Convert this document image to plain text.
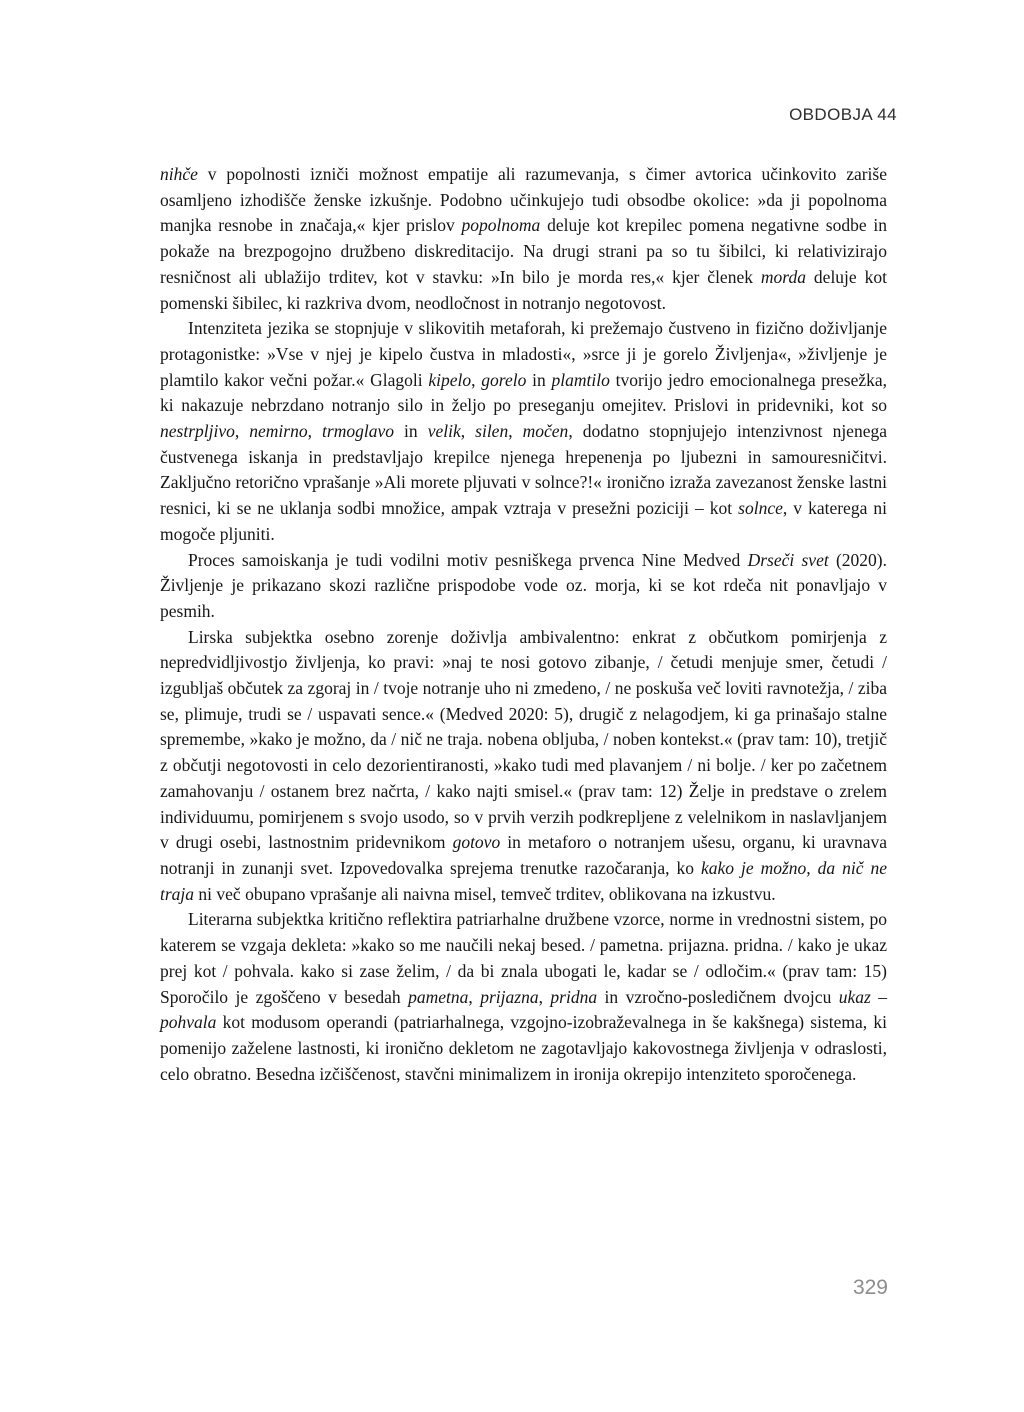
OBDOBJA 44

nihče v popolnosti izniči možnost empatije ali razumevanja, s čimer avtorica učinkovito zariše osamljeno izhodišče ženske izkušnje. Podobno učinkujejo tudi obsodbe okolice: »da ji popolnoma manjka resnobe in značaja,« kjer prislov popolnoma deluje kot krepilec pomena negativne sodbe in pokaže na brezpogojno družbeno diskreditacijo. Na drugi strani pa so tu šibilci, ki relativizirajo resničnost ali ublažijo trditev, kot v stavku: »In bilo je morda res,« kjer členek morda deluje kot pomenski šibilec, ki razkriva dvom, neodločnost in notranjo negotovost.

Intenziteta jezika se stopnjuje v slikovitih metaforah, ki prežemajo čustveno in fizično doživljanje protagonistke: »Vse v njej je kipelo čustva in mladosti«, »srce ji je gorelo Življenja«, »življenje je plamtilo kakor večni požar.« Glagoli kipelo, gorelo in plamtilo tvorijo jedro emocionalnega presežka, ki nakazuje nebrzdano notranjo silo in željo po preseganju omejitev. Prislovi in pridevniki, kot so nestrpljivo, nemirno, trmoglavo in velik, silen, močen, dodatno stopnjujejo intenzivnost njenega čustvenega iskanja in predstavljajo krepilce njenega hrepenenja po ljubezni in samouresničitvi. Zaključno retorično vprašanje »Ali morete pljuvati v solnce?!« ironično izraža zavezanost ženske lastni resnici, ki se ne uklanja sodbi množice, ampak vztraja v presežni poziciji – kot solnce, v katerega ni mogoče pljuniti.

Proces samoiskanja je tudi vodilni motiv pesniškega prvenca Nine Medved Drseči svet (2020). Življenje je prikazano skozi različne prispodobe vode oz. morja, ki se kot rdeča nit ponavljajo v pesmih.

Lirska subjektka osebno zorenje doživlja ambivalentno: enkrat z občutkom pomirjenja z nepredvidljivostjo življenja, ko pravi: »naj te nosi gotovo zibanje, / četudi menjuje smer, četudi / izgubljaš občutek za zgoraj in / tvoje notranje uho ni zmedeno, / ne poskuša več loviti ravnotežja, / ziba se, plimuje, trudi se / uspavati sence.« (Medved 2020: 5), drugič z nelagodjem, ki ga prinašajo stalne spremembe, »kako je možno, da / nič ne traja. nobena obljuba, / noben kontekst.« (prav tam: 10), tretjič z občutji negotovosti in celo dezorientiranosti, »kako tudi med plavanjem / ni bolje. / ker po začetnem zamahovanju / ostanem brez načrta, / kako najti smisel.« (prav tam: 12) Želje in predstave o zrelem individuumu, pomirjenem s svojo usodo, so v prvih verzih podkrepljene z velelnikom in naslavljanjem v drugi osebi, lastnostnim pridevnikom gotovo in metaforo o notranjem ušesu, organu, ki uravnava notranji in zunanji svet. Izpovedovalka sprejema trenutke razočaranja, ko kako je možno, da nič ne traja ni več obupano vprašanje ali naivna misel, temveč trditev, oblikovana na izkustvu.

Literarna subjektka kritično reflektira patriarhalne družbene vzorce, norme in vrednostni sistem, po katerem se vzgaja dekleta: »kako so me naučili nekaj besed. / pametna. prijazna. pridna. / kako je ukaz prej kot / pohvala. kako si zase želim, / da bi znala ubogati le, kadar se / odločim.« (prav tam: 15) Sporočilo je zgoščeno v besedah pametna, prijazna, pridna in vzročno-posledičnem dvojcu ukaz – pohvala kot modusom operandi (patriarhalnega, vzgojno-izobraževalnega in še kakšnega) sistema, ki pomenijo zaželene lastnosti, ki ironično dekletom ne zagotavljajo kakovostnega življenja v odraslosti, celo obratno. Besedna izčiščenost, stavčni minimalizem in ironija okrepijo intenziteto sporočenega.

329
